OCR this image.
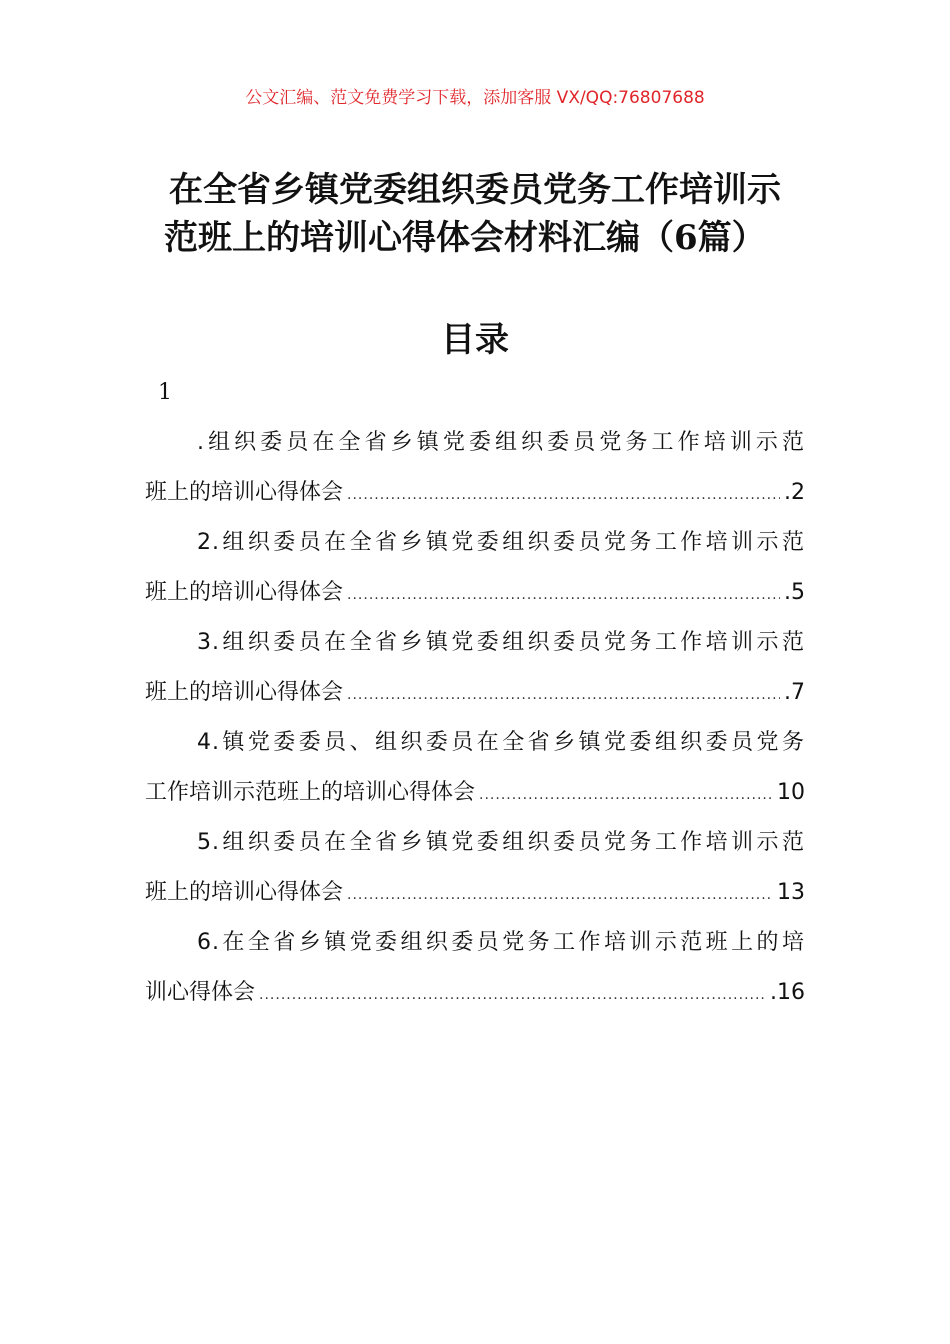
公文汇编、范文免费学习下载，添加客服 VX/QQ:76807688
在全省乡镇党委组织委员党务工作培训示
范班上的培训心得体会材料汇编（6篇）
目录
1
.组织委员在全省乡镇党委组织委员党务工作培训示范
班上的培训心得体会 .....	.2
2.组织委员在全省乡镇党委组织委员党务工作培训示范
班上的培训心得体会 .....	.5
3.组织委员在全省乡镇党委组织委员党务工作培训示范
班上的培训心得体会 .....	.7
4.镇党委委员、组织委员在全省乡镇党委组织委员党务
工作培训示范班上的培训心得体会 .....	10
5.组织委员在全省乡镇党委组织委员党务工作培训示范
班上的培训心得体会 .....	13
6.在全省乡镇党委组织委员党务工作培训示范班上的培
训心得体会 .....	.16
